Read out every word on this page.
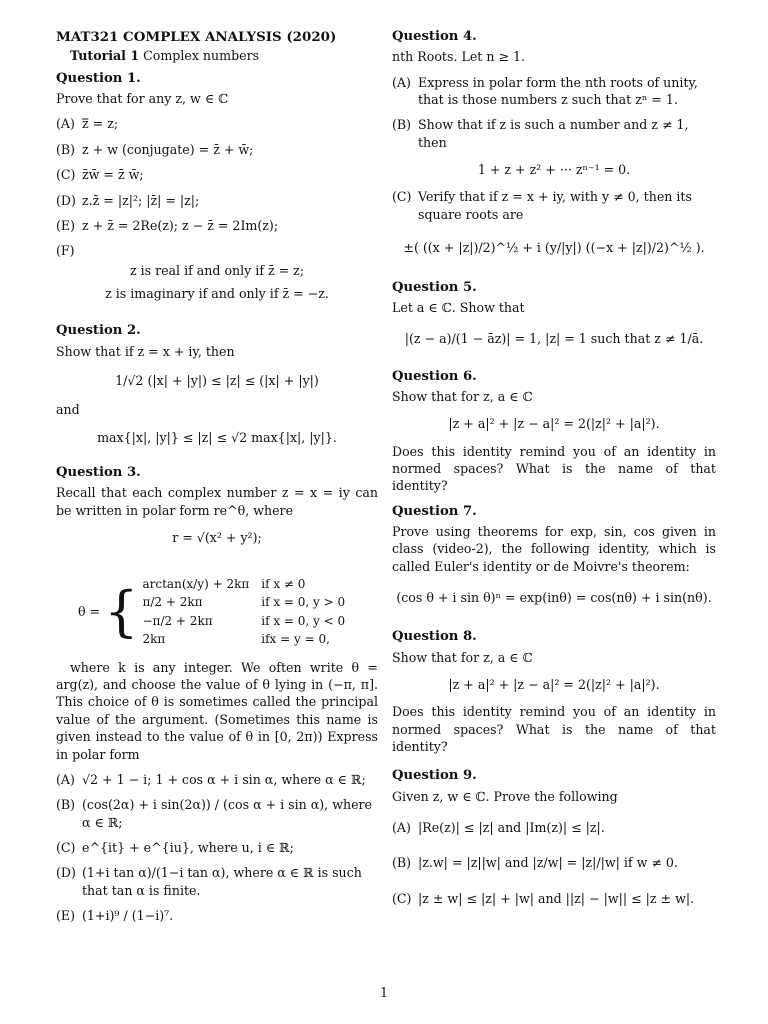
MAT321 COMPLEX ANALYSIS (2020)
Tutorial 1 Complex numbers
Question 1.

Prove that for any z, w ∈ ℂ

(A) z̿ = z;
(B) z + w (conjugate) = z̄ + w̄;
(C) z̄w̄ = z̄ w̄;
(D) z.z̄ = |z|²; |z̄| = |z|;
(E) z + z̄ = 2Re(z); z − z̄ = 2Im(z);
(F)
z is real if and only if z̄ = z;
z is imaginary if and only if z̄ = −z.
Question 2.

Show that if z = x + iy, then

1/√2 (|x| + |y|) ≤ |z| ≤ (|x| + |y|)

and

max{|x|, |y|} ≤ |z| ≤ √2 max{|x|, |y|}.
Question 3.

Recall that each complex number z = x = iy can be written in polar form re^θ, where

r = √(x² + y²);
θ = { arctan(x/y) + 2kπ	if x ≠ 0
π/2 + 2kπ	if x = 0, y > 0
−π/2 + 2kπ	if x = 0, y < 0
2kπ	ifx = y = 0,

where k is any integer. We often write θ = arg(z), and choose the value of θ lying in (−π, π]. This choice of θ is sometimes called the principal value of the argument. (Sometimes this name is given instead to the value of θ in [0, 2π)) Express in polar form

(A) √2 + 1 − i; 1 + cos α + i sin α, where α ∈ ℝ;
(B) (cos(2α) + i sin(2α)) / (cos α + i sin α), where α ∈ ℝ;
(C) e^{it} + e^{iu}, where u, i ∈ ℝ;
(D) (1+i tan α)/(1−i tan α), where α ∈ ℝ is such that tan α is finite.
(E) (1+i)⁹ / (1−i)⁷.
Question 4.

nth Roots. Let n ≥ 1.

(A) Express in polar form the nth roots of unity, that is those numbers z such that zⁿ = 1.
(B) Show that if z is such a number and z ≠ 1, then
1 + z + z² + ··· zⁿ⁻¹ = 0.
(C) Verify that if z = x + iy, with y ≠ 0, then its square roots are
±( ((x + |z|)/2)^½ + i (y/|y|) ((−x + |z|)/2)^½ ).
Question 5.

Let a ∈ ℂ. Show that

|(z − a)/(1 − āz)| = 1, |z| = 1 such that z ≠ 1/ā.
Question 6.

Show that for z, a ∈ ℂ

|z + a|² + |z − a|² = 2(|z|² + |a|²).

Does this identity remind you of an identity in normed spaces? What is the name of that identity?

Question 7.

Prove using theorems for exp, sin, cos given in class (video-2), the following identity, which is called Euler's identity or de Moivre's theorem:

(cos θ + i sin θ)ⁿ = exp(inθ) = cos(nθ) + i sin(nθ).
Question 8.

Show that for z, a ∈ ℂ

|z + a|² + |z − a|² = 2(|z|² + |a|²).

Does this identity remind you of an identity in normed spaces? What is the name of that identity?

Question 9.

Given z, w ∈ ℂ. Prove the following

(A) |Re(z)| ≤ |z| and |Im(z)| ≤ |z|.
(B) |z.w| = |z||w| and |z/w| = |z|/|w| if w ≠ 0.
(C) |z ± w| ≤ |z| + |w| and ||z| − |w|| ≤ |z ± w|.
1
